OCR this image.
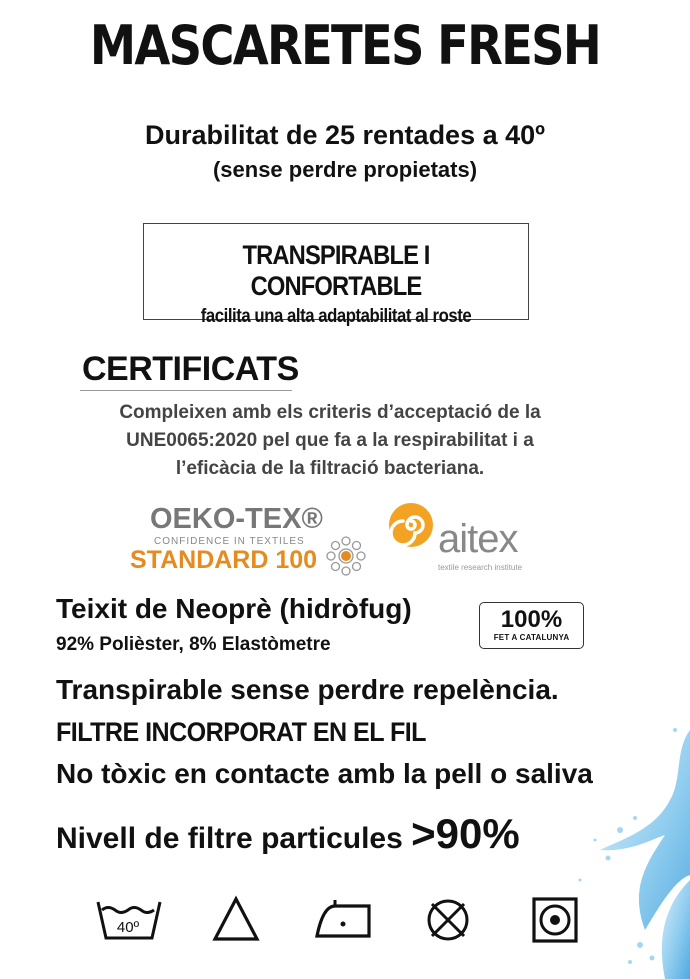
MASCARETES FRESH
Durabilitat de 25 rentades a 40º
(sense perdre propietats)
TRANSPIRABLE I CONFORTABLE
facilita una alta adaptabilitat al roste
CERTIFICATS
Compleixen amb els criteris d’acceptació de la
UNE0065:2020 pel que fa a la respirabilitat i a
l’eficàcia de la filtració bacteriana.
OEKO-TEX®
CONFIDENCE IN TEXTILES
STANDARD 100	aitex
textile research institute
Teixit de Neoprè (hidròfug)
92% Polièster, 8% Elastòmetre
100%
FET A CATALUNYA
Transpirable sense perdre repelència.
FILTRE INCORPORAT EN EL FIL
No tòxic en contacte amb la pell o saliva
Nivell de filtre particules >90%
40º
